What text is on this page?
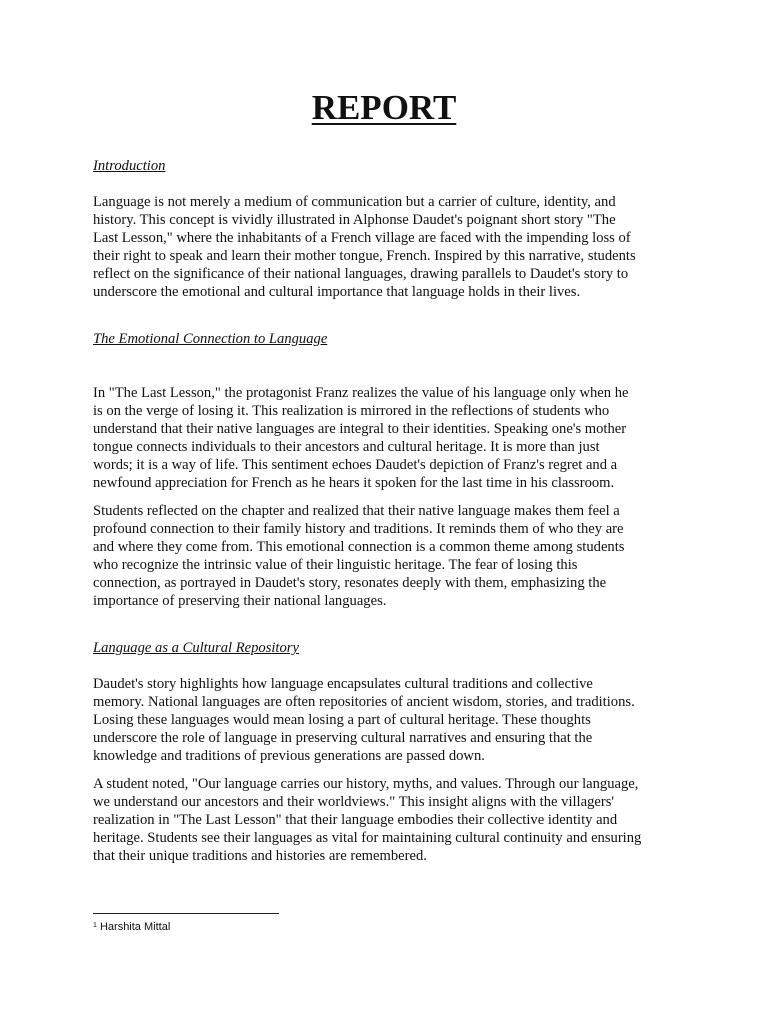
REPORT
Introduction

Language is not merely a medium of communication but a carrier of culture, identity, and
history. This concept is vividly illustrated in Alphonse Daudet's poignant short story "The
Last Lesson," where the inhabitants of a French village are faced with the impending loss of
their right to speak and learn their mother tongue, French. Inspired by this narrative, students
reflect on the significance of their national languages, drawing parallels to Daudet's story to
underscore the emotional and cultural importance that language holds in their lives.

The Emotional Connection to Language

In "The Last Lesson," the protagonist Franz realizes the value of his language only when he
is on the verge of losing it. This realization is mirrored in the reflections of students who
understand that their native languages are integral to their identities. Speaking one's mother
tongue connects individuals to their ancestors and cultural heritage. It is more than just
words; it is a way of life. This sentiment echoes Daudet's depiction of Franz's regret and a
newfound appreciation for French as he hears it spoken for the last time in his classroom.

Students reflected on the chapter and realized that their native language makes them feel a
profound connection to their family history and traditions. It reminds them of who they are
and where they come from. This emotional connection is a common theme among students
who recognize the intrinsic value of their linguistic heritage. The fear of losing this
connection, as portrayed in Daudet's story, resonates deeply with them, emphasizing the
importance of preserving their national languages.

Language as a Cultural Repository

Daudet's story highlights how language encapsulates cultural traditions and collective
memory. National languages are often repositories of ancient wisdom, stories, and traditions.
Losing these languages would mean losing a part of cultural heritage. These thoughts
underscore the role of language in preserving cultural narratives and ensuring that the
knowledge and traditions of previous generations are passed down.

A student noted, "Our language carries our history, myths, and values. Through our language,
we understand our ancestors and their worldviews." This insight aligns with the villagers'
realization in "The Last Lesson" that their language embodies their collective identity and
heritage. Students see their languages as vital for maintaining cultural continuity and ensuring
that their unique traditions and histories are remembered.

$^1$ Harshita Mittal
